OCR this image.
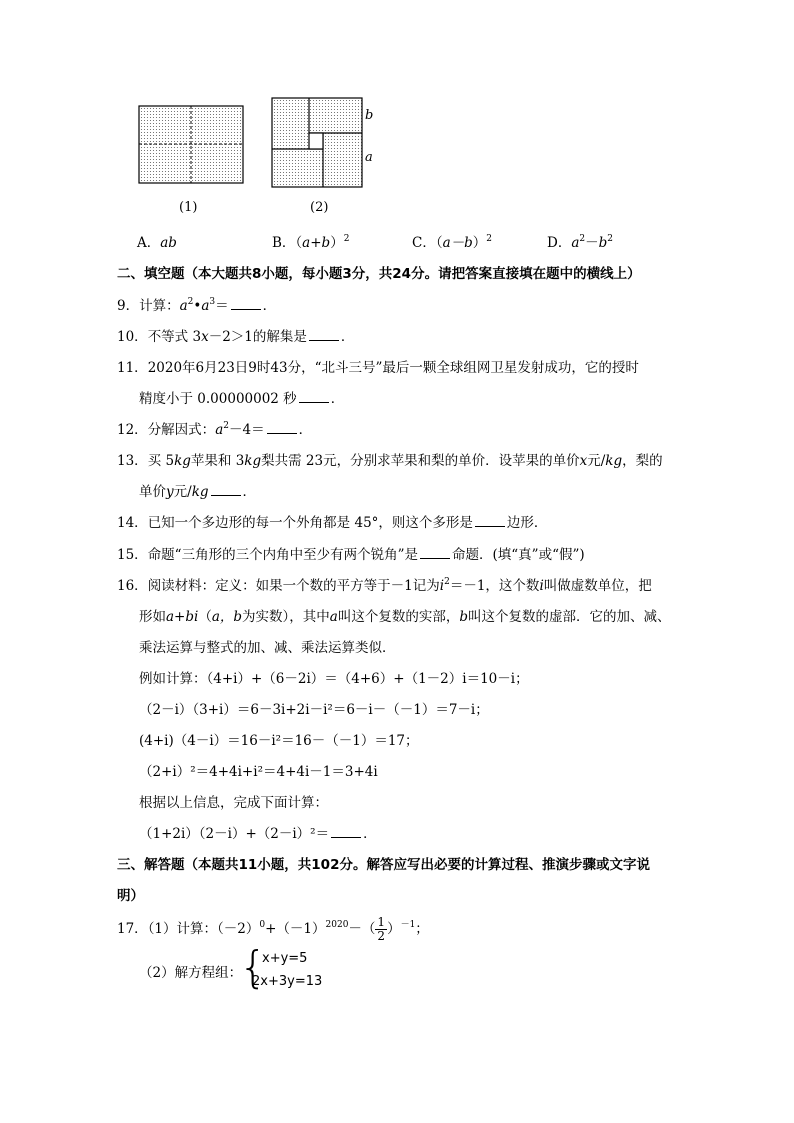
(1)
b
a
(2)
A．ab	B．$(a+b)^2$	C．$(a-b)^2$	D．$a^2-b^2$
二、填空题（本大题共8小题，每小题3分，共24分。请把答案直接填在题中的横线上）
9．计算：$a^2•a^3=$	．
10．不等式 3x－2＞1的解集是	．
11．2020年6月23日9时43分，“北斗三号”最后一颗全球组网卫星发射成功，它的授时
精度小于 0.00000002 秒	．
12．分解因式：$a^2-4=$	．
13．买 5kg苹果和 3kg梨共需 23元，分别求苹果和梨的单价．设苹果的单价x元/kg，梨的
单价y元/kg	．
14．已知一个多边形的每一个外角都是 45°，则这个多形是	边形．
15．命题“三角形的三个内角中至少有两个锐角”是	命题．(填“真”或“假”)
16．阅读材料：定义：如果一个数的平方等于－1记为$i^2=-1$，这个数i叫做虚数单位，把
形如a+bi（a，b为实数），其中a叫这个复数的实部，b叫这个复数的虚部．它的加、减、
乘法运算与整式的加、减、乘法运算类似．
例如计算：（4+i）+（6－2i）＝（4+6）+（1－2）i＝10－i；
（2－i）（3+i）＝6－3i+2i－i²＝6－i－（－1）＝7－i；
(4+i)（4－i）＝16－i²＝16－（－1）＝17；
（2+i）²＝4+4i+i²＝4+4i－1＝3+4i
根据以上信息，完成下面计算：
（1+2i）（2－i）+（2－i）²＝	．
三、解答题（本题共11小题，共102分。解答应写出必要的计算过程、推演步骤或文字说
明）
17．（1）计算：$(-2)^0+(-1)^{2020}-( \frac{1}{2} )^{-1}$；
（2）解方程组：
{
x+y=5
2x+3y=13
